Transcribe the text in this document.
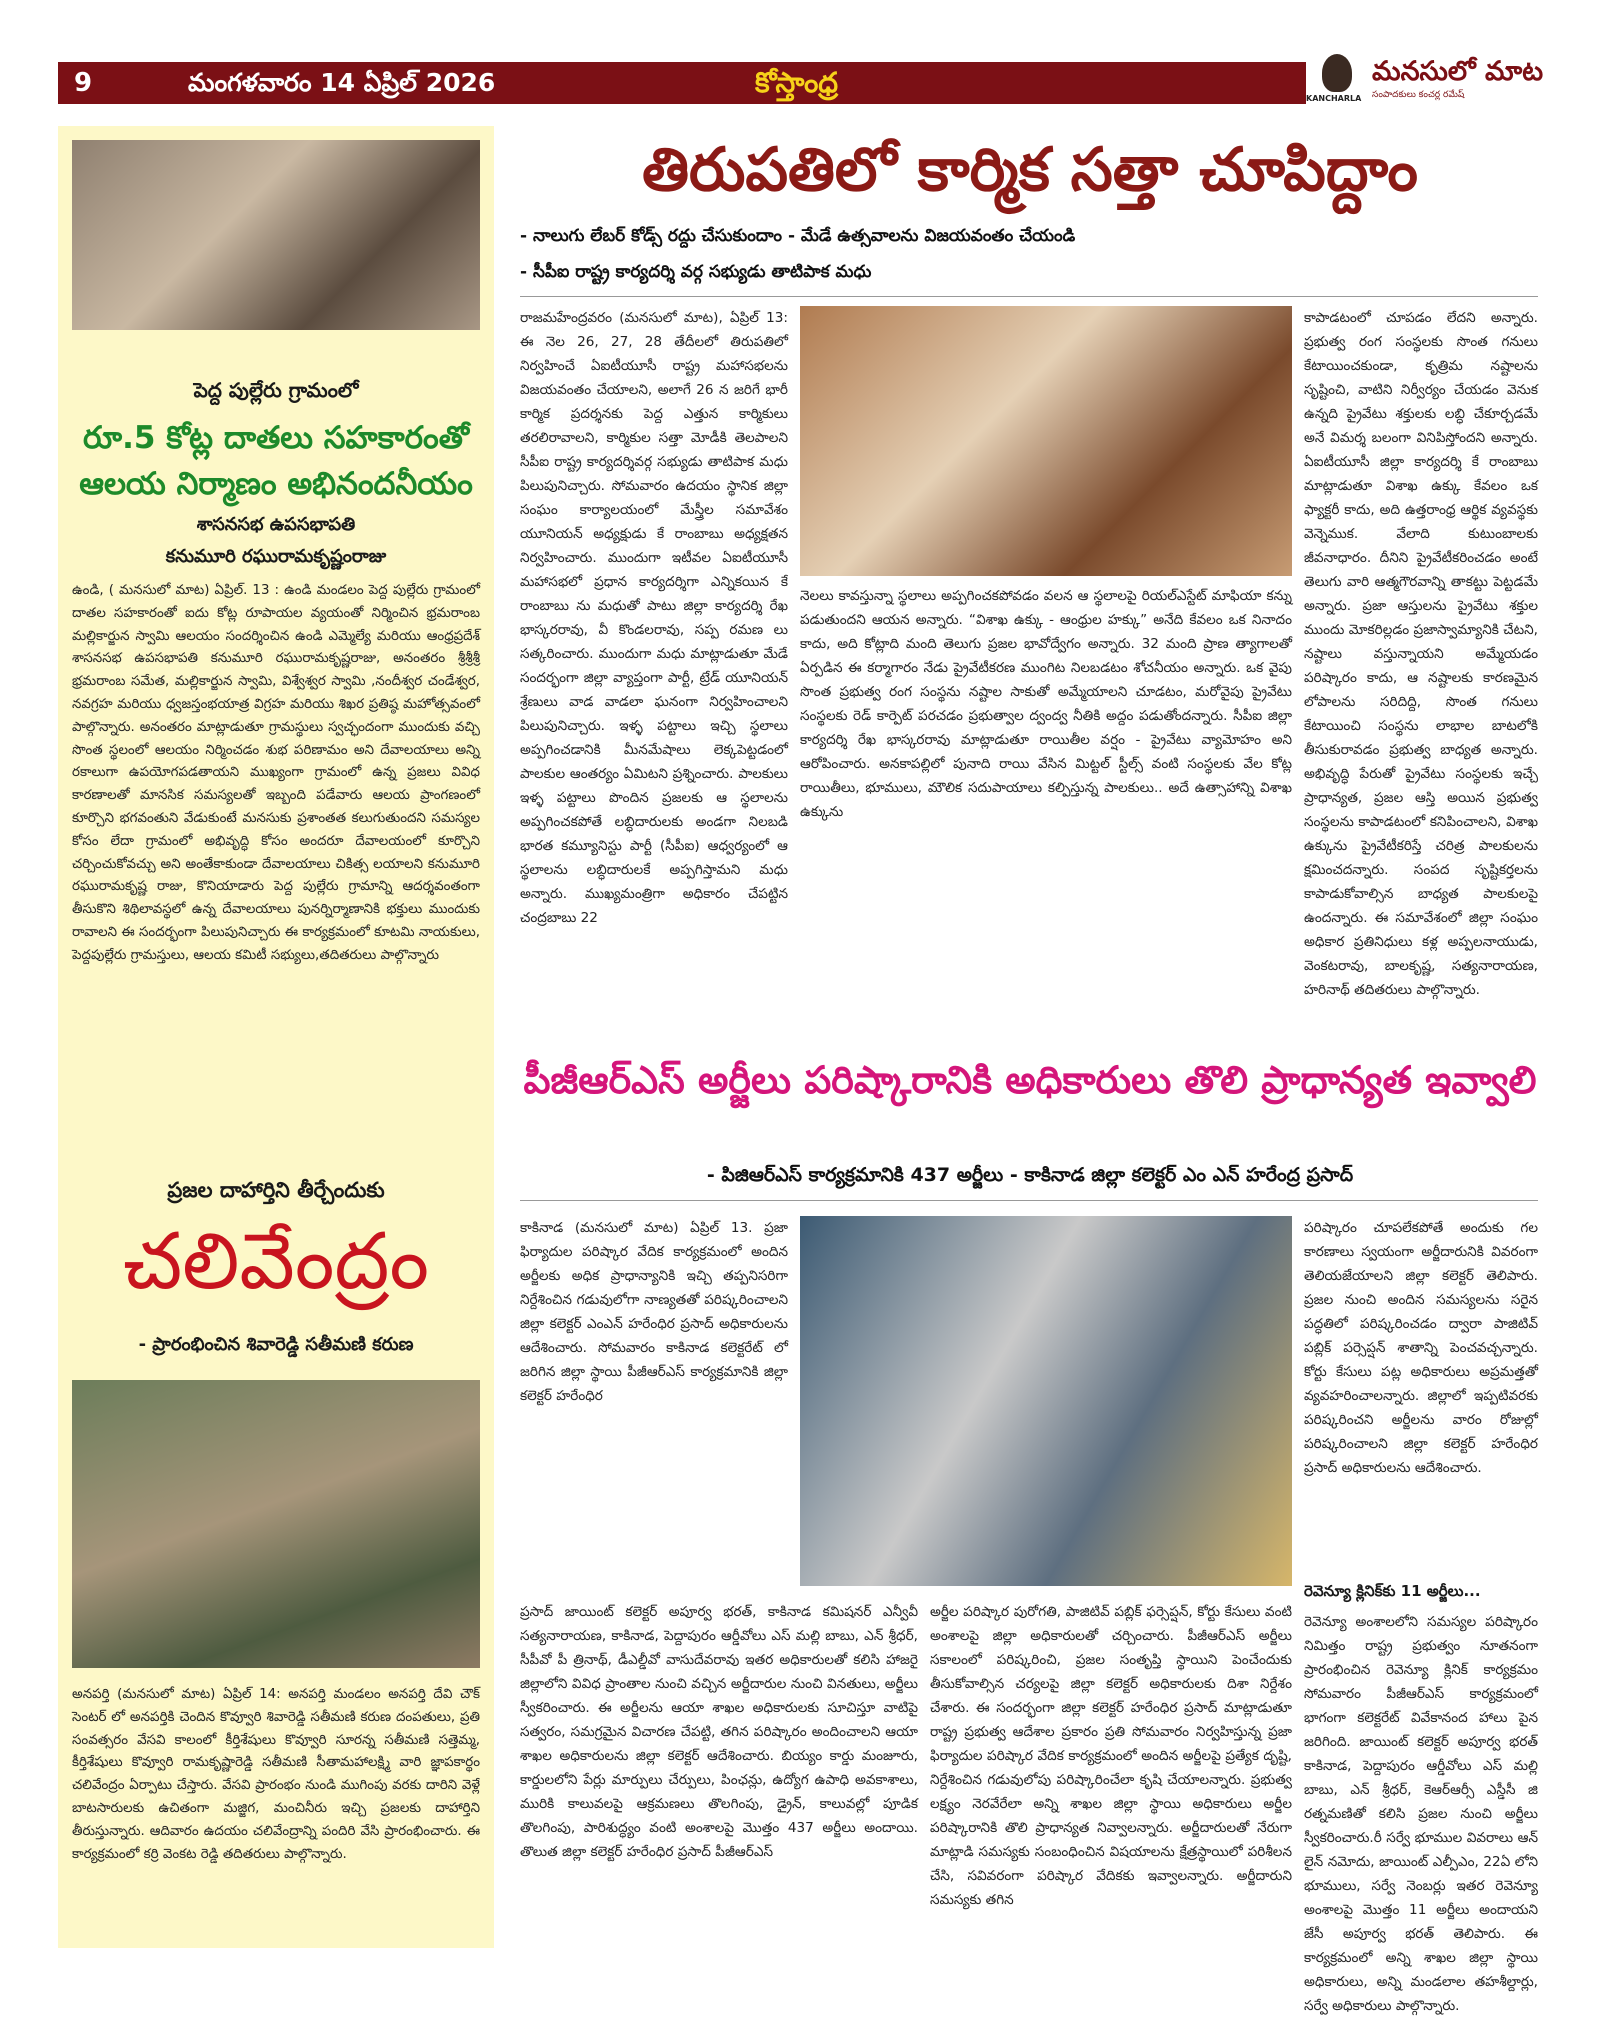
9	మంగళవారం 14 ఏప్రిల్ 2026	కోస్తాంధ్ర	KANCHARLA
మనసులో మాట
సంపాదకులు కంచర్ల రమేష్
పెద్ద పుల్లేరు గ్రామంలో
రూ.5 కోట్ల దాతలు సహకారంతో
ఆలయ నిర్మాణం అభినందనీయం
శాసనసభ ఉపసభాపతి
కనుమూరి రఘురామకృష్ణంరాజు
ఉండి, ( మనసులో మాట) ఏప్రిల్. 13 : ఉండి మండలం పెద్ద పుల్లేరు గ్రామంలో దాతల సహకారంతో ఐదు కోట్ల రూపాయల వ్యయంతో నిర్మించిన భ్రమరాంబ మల్లికార్జున స్వామి ఆలయం సందర్శించిన ఉండి ఎమ్మెల్యే మరియు ఆంధ్రప్రదేశ్ శాసనసభ ఉపసభాపతి కనుమూరి రఘురామకృష్ణరాజు, అనంతరం శ్రీశ్రీశ్రీ భ్రమరాంబ సమేత, మల్లికార్జున స్వామి, విశ్వేశ్వర స్వామి ,నందీశ్వర చండేశ్వర, నవగ్రహ మరియు ధ్వజస్తంభయాత్ర విగ్రహ మరియు శిఖర ప్రతిష్ఠ మహోత్సవంలో పాల్గొన్నారు. అనంతరం మాట్లాడుతూ గ్రామస్థులు స్వచ్ఛందంగా ముందుకు వచ్చి సొంత స్థలంలో ఆలయం నిర్మించడం శుభ పరిణామం అని దేవాలయాలు అన్ని రకాలుగా ఉపయోగపడతాయని ముఖ్యంగా గ్రామంలో ఉన్న ప్రజలు వివిధ కారణాలతో మానసిక సమస్యలతో ఇబ్బంది పడేవారు ఆలయ ప్రాంగణంలో కూర్చొని భగవంతుని వేడుకుంటే మనసుకు ప్రశాంతత కలుగుతుందని సమస్యల కోసం లేదా గ్రామంలో అభివృద్ధి కోసం అందరూ దేవాలయంలో కూర్చొని చర్చించుకోవచ్చు అని అంతేకాకుండా దేవాలయాలు చికిత్స లయాలని కనుమూరి రఘురామకృష్ణ రాజు, కొనియాడారు పెద్ద పుల్లేరు గ్రామాన్ని ఆదర్శవంతంగా తీసుకొని శిథిలావస్థలో ఉన్న దేవాలయాలు పునర్నిర్మాణానికి భక్తులు ముందుకు రావాలని ఈ సందర్భంగా పిలుపునిచ్చారు ఈ కార్యక్రమంలో కూటమి నాయకులు, పెద్దపుల్లేరు గ్రామస్తులు, ఆలయ కమిటీ సభ్యులు,తదితరులు పాల్గొన్నారు
ప్రజల దాహార్తిని తీర్చేందుకు
చలివేంద్రం
- ప్రారంభించిన శివారెడ్డి సతీమణి కరుణ
అనపర్తి (మనసులో మాట) ఏప్రిల్ 14: అనపర్తి మండలం అనపర్తి దేవి చౌక్ సెంటర్ లో అనపర్తికి చెందిన కొవ్వూరి శివారెడ్డి సతీమణి కరుణ దంపతులు, ప్రతి సంవత్సరం వేసవి కాలంలో కీర్తిశేషులు కొవ్వూరి సూరన్న సతీమణి సత్తెమ్మ, కీర్తిశేషులు కొవ్వూరి రామకృష్ణారెడ్డి సతీమణి సీతామహాలక్ష్మి వారి జ్ఞాపకార్థం చలివేంద్రం ఏర్పాటు చేస్తారు. వేసవి ప్రారంభం నుండి ముగింపు వరకు దారిని వెళ్లే బాటసారులకు ఉచితంగా మజ్జిగ, మంచినీరు ఇచ్చి ప్రజలకు దాహార్తిని తీరుస్తున్నారు. ఆదివారం ఉదయం చలివేంద్రాన్ని పందిరి వేసి ప్రారంభించారు. ఈ కార్యక్రమంలో కర్రి వెంకట రెడ్డి తదితరులు పాల్గొన్నారు.
తిరుపతిలో కార్మిక సత్తా చూపిద్దాం
- నాలుగు లేబర్ కోడ్స్ రద్దు చేసుకుందాం - మేడే ఉత్సవాలను విజయవంతం చేయండి
- సీపీఐ రాష్ట్ర కార్యదర్శి వర్గ సభ్యుడు తాటిపాక మధు
రాజమహేంద్రవరం (మనసులో మాట), ఏప్రిల్ 13: ఈ నెల 26, 27, 28 తేదీలలో తిరుపతిలో నిర్వహించే ఏఐటీయూసీ రాష్ట్ర మహాసభలను విజయవంతం చేయాలని, అలాగే 26 న జరిగే భారీ కార్మిక ప్రదర్శనకు పెద్ద ఎత్తున కార్మికులు తరలిరావాలని, కార్మికుల సత్తా మోడీకి తెలపాలని సీపీఐ రాష్ట్ర కార్యదర్శివర్గ సభ్యుడు తాటిపాక మధు పిలుపునిచ్చారు. సోమవారం ఉదయం స్థానిక జిల్లా సంఘం కార్యాలయంలో మేస్త్రీల సమావేశం యూనియన్ అధ్యక్షుడు కే రాంబాబు అధ్యక్షతన నిర్వహించారు. ముందుగా ఇటీవల ఏఐటీయూసీ మహాసభలో ప్రధాన కార్యదర్శిగా ఎన్నికయిన కే రాంబాబు ను మధుతో పాటు జిల్లా కార్యదర్శి రేఖ భాస్కరరావు, వీ కొండలరావు, సప్ప రమణ లు సత్కరించారు. ముందుగా మధు మాట్లాడుతూ మేడే సందర్భంగా జిల్లా వ్యాప్తంగా పార్టీ, ట్రేడ్ యూనియన్ శ్రేణులు వాడ వాడలా ఘనంగా నిర్వహించాలని పిలుపునిచ్చారు. ఇళ్ళ పట్టాలు ఇచ్చి స్థలాలు అప్పగించడానికి మీనమేషాలు లెక్కపెట్టడంలో పాలకుల ఆంతర్యం ఏమిటని ప్రశ్నించారు. పాలకులు ఇళ్ళ పట్టాలు పొందిన ప్రజలకు ఆ స్థలాలను అప్పగించకపోతే లబ్ధిదారులకు అండగా నిలబడి భారత కమ్యూనిస్టు పార్టీ (సీపీఐ) ఆధ్వర్యంలో ఆ స్థలాలను లబ్ధిదారులకే అప్పగిస్తామని మధు అన్నారు. ముఖ్యమంత్రిగా అధికారం చేపట్టిన చంద్రబాబు 22
నెలలు కావస్తున్నా స్థలాలు అప్పగించకపోవడం వలన ఆ స్థలాలపై రియల్ఎస్టేట్ మాఫియా కన్ను పడుతుందని ఆయన అన్నారు. “విశాఖ ఉక్కు - ఆంధ్రుల హక్కు” అనేది కేవలం ఒక నినాదం కాదు, అది కోట్లాది మంది తెలుగు ప్రజల భావోద్వేగం అన్నారు. 32 మంది ప్రాణ త్యాగాలతో ఏర్పడిన ఈ కర్మాగారం నేడు ప్రైవేటీకరణ ముంగిట నిలబడటం శోచనీయం అన్నారు. ఒక వైపు సొంత ప్రభుత్వ రంగ సంస్థను నష్టాల సాకుతో అమ్మేయాలని చూడటం, మరోవైపు ప్రైవేటు సంస్థలకు రెడ్ కార్పెట్ పరచడం ప్రభుత్వాల ద్వంద్వ నీతికి అద్దం పడుతోందన్నారు. సీపీఐ జిల్లా కార్యదర్శి రేఖ భాస్కరరావు మాట్లాడుతూ రాయితీల వర్షం - ప్రైవేటు వ్యామోహం అని ఆరోపించారు. అనకాపల్లిలో పునాది రాయి వేసిన మిట్టల్ స్టీల్స్ వంటి సంస్థలకు వేల కోట్ల రాయితీలు, భూములు, మౌలిక సదుపాయాలు కల్పిస్తున్న పాలకులు.. అదే ఉత్సాహాన్ని విశాఖ ఉక్కును
కాపాడటంలో చూపడం లేదని అన్నారు. ప్రభుత్వ రంగ సంస్థలకు సొంత గనులు కేటాయించకుండా, కృత్రిమ నష్టాలను సృష్టించి, వాటిని నిర్వీర్యం చేయడం వెనుక ఉన్నది ప్రైవేటు శక్తులకు లబ్ధి చేకూర్చడమే అనే విమర్శ బలంగా వినిపిస్తోందని అన్నారు. ఏఐటీయూసీ జిల్లా కార్యదర్శి కే రాంబాబు మాట్లాడుతూ విశాఖ ఉక్కు కేవలం ఒక ఫ్యాక్టరీ కాదు, అది ఉత్తరాంధ్ర ఆర్థిక వ్యవస్థకు వెన్నెముక. వేలాది కుటుంబాలకు జీవనాధారం. దీనిని ప్రైవేటీకరించడం అంటే తెలుగు వారి ఆత్మగౌరవాన్ని తాకట్టు పెట్టడమే అన్నారు. ప్రజా ఆస్తులను ప్రైవేటు శక్తుల ముందు మోకరిల్లడం ప్రజాస్వామ్యానికి చేటని, నష్టాలు వస్తున్నాయని అమ్మేయడం పరిష్కారం కాదు, ఆ నష్టాలకు కారణమైన లోపాలను సరిదిద్ది, సొంత గనులు కేటాయించి సంస్థను లాభాల బాటలోకి తీసుకురావడం ప్రభుత్వ బాధ్యత అన్నారు. అభివృద్ధి పేరుతో ప్రైవేటు సంస్థలకు ఇచ్చే ప్రాధాన్యత, ప్రజల ఆస్తి అయిన ప్రభుత్వ సంస్థలను కాపాడటంలో కనిపించాలని, విశాఖ ఉక్కును ప్రైవేటీకరిస్తే చరిత్ర పాలకులను క్షమించదన్నారు. సంపద సృష్టికర్తలను కాపాడుకోవాల్సిన బాధ్యత పాలకులపై ఉందన్నారు. ఈ సమావేశంలో జిల్లా సంఘం అధికార ప్రతినిధులు కళ్ల అప్పలనాయుడు, వెంకటరావు, బాలకృష్ణ, సత్యనారాయణ, హరినాథ్ తదితరులు పాల్గొన్నారు.
పీజీఆర్ఎస్ అర్జీలు పరిష్కారానికి అధికారులు తొలి ప్రాధాన్యత ఇవ్వాలి
- పిజిఆర్ఎస్ కార్యక్రమానికి 437 అర్జీలు - కాకినాడ జిల్లా కలెక్టర్ ఎం ఎన్ హరేంద్ర ప్రసాద్
కాకినాడ (మనసులో మాట) ఏప్రిల్ 13. ప్రజా ఫిర్యాదుల పరిష్కార వేదిక కార్యక్రమంలో అందిన అర్జీలకు అధిక ప్రాధాన్యానికి ఇచ్చి తప్పనిసరిగా నిర్దేశించిన గడువులోగా నాణ్యతతో పరిష్కరించాలని జిల్లా కలెక్టర్ ఎంఎన్ హరేంధిర ప్రసాద్ అధికారులను ఆదేశించారు. సోమవారం కాకినాడ కలెక్టరేట్ లో జరిగిన జిల్లా స్థాయి పీజీఆర్ఎస్ కార్యక్రమానికి జిల్లా కలెక్టర్ హరేంధిర
ప్రసాద్ జాయింట్ కలెక్టర్ అపూర్వ భరత్, కాకినాడ కమిషనర్ ఎన్వీవీ సత్యనారాయణ, కాకినాడ, పెద్దాపురం ఆర్డీవోలు ఎస్ మల్లి బాబు, ఎన్ శ్రీధర్, సీపీవో పీ త్రినాథ్, డీఎల్డీవో వాసుదేవరావు ఇతర అధికారులతో కలిసి హాజరై జిల్లాలోని వివిధ ప్రాంతాల నుంచి వచ్చిన అర్జీదారుల నుంచి వినతులు, అర్జీలు స్వీకరించారు. ఈ అర్జీలను ఆయా శాఖల అధికారులకు సూచిస్తూ వాటిపై సత్వరం, సమగ్రమైన విచారణ చేపట్టి, తగిన పరిష్కారం అందించాలని ఆయా శాఖల అధికారులను జిల్లా కలెక్టర్ ఆదేశించారు. బియ్యం కార్డు మంజూరు, కార్డులలోని పేర్లు మార్పులు చేర్పులు, పింఛన్లు, ఉద్యోగ ఉపాధి అవకాశాలు, మురికి కాలువలపై ఆక్రమణలు తొలగింపు, డ్రైన్, కాలువల్లో పూడిక తొలగింపు, పారిశుద్ధ్యం వంటి అంశాలపై మొత్తం 437 అర్జీలు అందాయి. తొలుత జిల్లా కలెక్టర్ హరేంధిర ప్రసాద్ పీజీఆర్ఎస్
అర్జీల పరిష్కార పురోగతి, పాజిటివ్ పబ్లిక్ ఫర్సెప్షన్, కోర్టు కేసులు వంటి అంశాలపై జిల్లా అధికారులతో చర్చించారు. పీజీఆర్ఎస్ అర్జీలు సకాలంలో పరిష్కరించి, ప్రజల సంతృప్తి స్థాయిని పెంచేందుకు తీసుకోవాల్సిన చర్యలపై జిల్లా కలెక్టర్ అధికారులకు దిశా నిర్దేశం చేశారు. ఈ సందర్భంగా జిల్లా కలెక్టర్ హరేంధిర ప్రసాద్ మాట్లాడుతూ రాష్ట్ర ప్రభుత్వ ఆదేశాల ప్రకారం ప్రతి సోమవారం నిర్వహిస్తున్న ప్రజా ఫిర్యాదుల పరిష్కార వేదిక కార్యక్రమంలో అందిన అర్జీలపై ప్రత్యేక దృష్టి, నిర్దేశించిన గడువులోపు పరిష్కారించేలా కృషి చేయాలన్నారు. ప్రభుత్వ లక్ష్యం నెరవేరేలా అన్ని శాఖల జిల్లా స్థాయి అధికారులు అర్జీల పరిష్కారానికి తొలి ప్రాధాన్యత నివ్వాలన్నారు. అర్జీదారులతో నేరుగా మాట్లాడి సమస్యకు సంబంధించిన విషయాలను క్షేత్రస్థాయిలో పరిశీలన చేసి, సవివరంగా పరిష్కార వేదికకు ఇవ్వాలన్నారు. అర్జీదారుని సమస్యకు తగిన
పరిష్కారం చూపలేకపోతే అందుకు గల కారణాలు స్వయంగా అర్జీదారునికి వివరంగా తెలియజేయాలని జిల్లా కలెక్టర్ తెలిపారు. ప్రజల నుంచి అందిన సమస్యలను సరైన పద్ధతిలో పరిష్కరించడం ద్వారా పాజిటివ్ పబ్లిక్ పర్సెప్షన్ శాతాన్ని పెంచవచ్చన్నారు. కోర్టు కేసులు పట్ల అధికారులు అప్రమత్తతో వ్యవహరించాలన్నారు. జిల్లాలో ఇప్పటివరకు పరిష్కరించని అర్జీలను వారం రోజుల్లో పరిష్కరించాలని జిల్లా కలెక్టర్ హరేంధిర ప్రసాద్ అధికారులను ఆదేశించారు.
రెవెన్యూ క్లినిక్‌కు 11 అర్జీలు...
రెవెన్యూ అంశాలలోని సమస్యల పరిష్కారం నిమిత్తం రాష్ట్ర ప్రభుత్వం నూతనంగా ప్రారంభించిన రెవెన్యూ క్లినిక్ కార్యక్రమం సోమవారం పీజీఆర్ఎస్ కార్యక్రమంలో భాగంగా కలెక్టరేట్ వివేకానంద హాలు పైన జరిగింది. జాయింట్ కలెక్టర్ అపూర్వ భరత్ కాకినాడ, పెద్దాపురం ఆర్డీవోలు ఎస్ మల్లి బాబు, ఎన్ శ్రీధర్, కెఆర్ఆర్సీ ఎస్డీసీ జి రత్నమణితో కలిసి ప్రజల నుంచి అర్జీలు స్వీకరించారు.రీ సర్వే భూముల వివరాలు ఆన్ లైన్ నమోదు, జాయింట్ ఎల్పీఎం, 22ఏ లోని భూములు, సర్వే నెంబర్లు ఇతర రెవెన్యూ అంశాలపై మొత్తం 11 అర్జీలు అందాయని జేసీ అపూర్వ భరత్ తెలిపారు. ఈ కార్యక్రమంలో అన్ని శాఖల జిల్లా స్థాయి అధికారులు, అన్ని మండలాల తహశీల్దార్లు, సర్వే అధికారులు పాల్గొన్నారు.
